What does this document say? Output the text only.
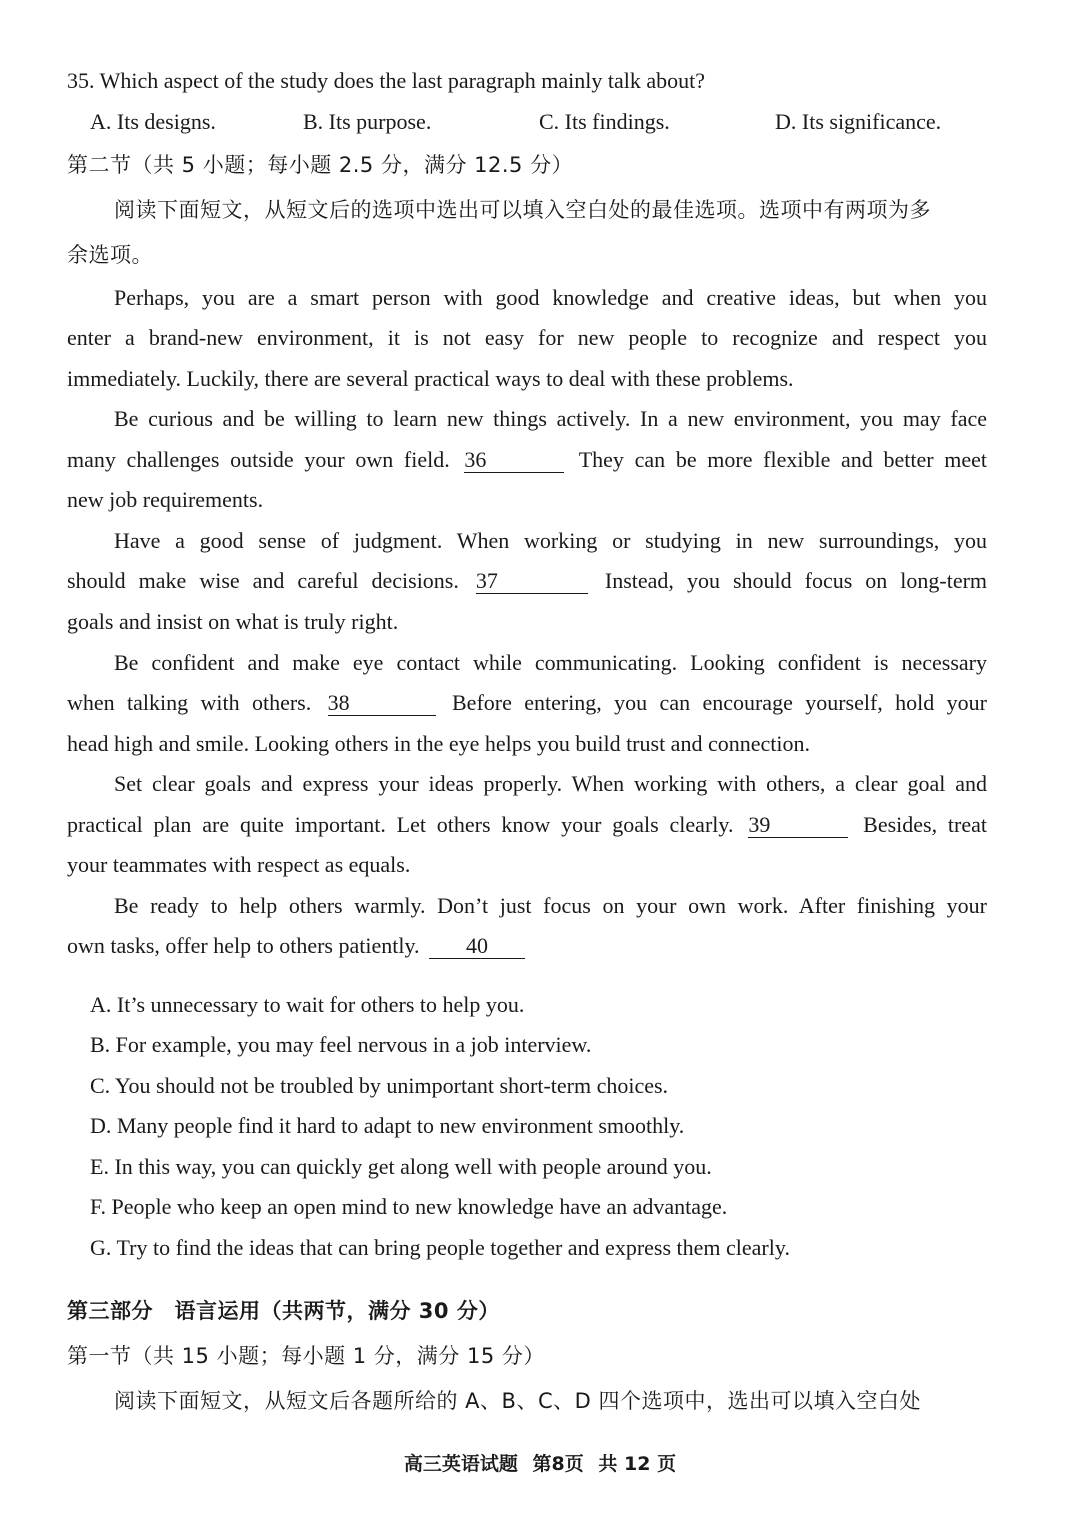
35. Which aspect of the study does the last paragraph mainly talk about?
A. Its designs.	B. Its purpose.	C. Its findings.	D. Its significance.
第二节（共 5 小题；每小题 2.5 分，满分 12.5 分）
阅读下面短文，从短文后的选项中选出可以填入空白处的最佳选项。选项中有两项为多
余选项。
Perhaps, you are a smart person with good knowledge and creative ideas, but when you
enter a brand-new environment, it is not easy for new people to recognize and respect you
immediately. Luckily, there are several practical ways to deal with these problems.
Be curious and be willing to learn new things actively. In a new environment, you may face
many challenges outside your own field. 36	They can be more flexible and better meet
new job requirements.
Have a good sense of judgment. When working or studying in new surroundings, you
should make wise and careful decisions. 37	Instead, you should focus on long-term
goals and insist on what is truly right.
Be confident and make eye contact while communicating. Looking confident is necessary
when talking with others. 38	Before entering, you can encourage yourself, hold your
head high and smile. Looking others in the eye helps you build trust and connection.
Set clear goals and express your ideas properly. When working with others, a clear goal and
practical plan are quite important. Let others know your goals clearly. 39	Besides, treat
your teammates with respect as equals.
Be ready to help others warmly. Don’t just focus on your own work. After finishing your
own tasks, offer help to others patiently. 40
A. It’s unnecessary to wait for others to help you.
B. For example, you may feel nervous in a job interview.
C. You should not be troubled by unimportant short-term choices.
D. Many people find it hard to adapt to new environment smoothly.
E. In this way, you can quickly get along well with people around you.
F. People who keep an open mind to new knowledge have an advantage.
G. Try to find the ideas that can bring people together and express them clearly.
第三部分　语言运用（共两节，满分 30 分）
第一节（共 15 小题；每小题 1 分，满分 15 分）
阅读下面短文，从短文后各题所给的 A、B、C、D 四个选项中，选出可以填入空白处
高三英语试题 第8页 共 12 页
